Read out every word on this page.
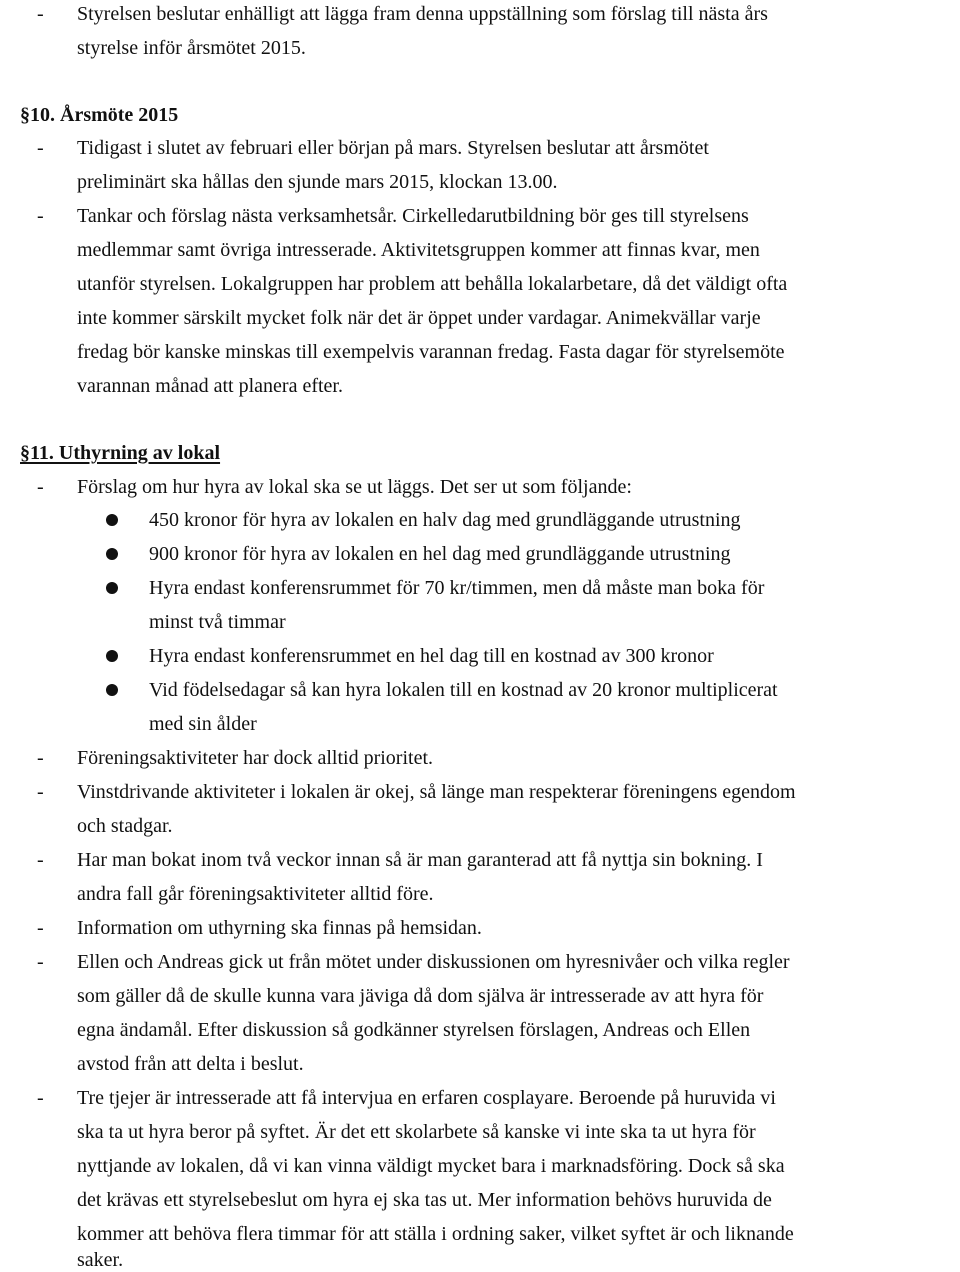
- Styrelsen beslutar enhälligt att lägga fram denna uppställning som förslag till nästa års
styrelse inför årsmötet 2015.
§10. Årsmöte 2015
- Tidigast i slutet av februari eller början på mars. Styrelsen beslutar att årsmötet
preliminärt ska hållas den sjunde mars 2015, klockan 13.00.
- Tankar och förslag nästa verksamhetsår. Cirkelledarutbildning bör ges till styrelsens
medlemmar samt övriga intresserade. Aktivitetsgruppen kommer att finnas kvar, men
utanför styrelsen. Lokalgruppen har problem att behålla lokalarbetare, då det väldigt ofta
inte kommer särskilt mycket folk när det är öppet under vardagar. Animekvällar varje
fredag bör kanske minskas till exempelvis varannan fredag. Fasta dagar för styrelsemöte
varannan månad att planera efter.
§11. Uthyrning av lokal
- Förslag om hur hyra av lokal ska se ut läggs. Det ser ut som följande:
450 kronor för hyra av lokalen en halv dag med grundläggande utrustning
900 kronor för hyra av lokalen en hel dag med grundläggande utrustning
Hyra endast konferensrummet för 70 kr/timmen, men då måste man boka för
minst två timmar
Hyra endast konferensrummet en hel dag till en kostnad av 300 kronor
Vid födelsedagar så kan hyra lokalen till en kostnad av 20 kronor multiplicerat
med sin ålder
- Föreningsaktiviteter har dock alltid prioritet.
- Vinstdrivande aktiviteter i lokalen är okej, så länge man respekterar föreningens egendom
och stadgar.
- Har man bokat inom två veckor innan så är man garanterad att få nyttja sin bokning. I
andra fall går föreningsaktiviteter alltid före.
- Information om uthyrning ska finnas på hemsidan.
- Ellen och Andreas gick ut från mötet under diskussionen om hyresnivåer och vilka regler
som gäller då de skulle kunna vara jäviga då dom själva är intresserade av att hyra för
egna ändamål. Efter diskussion så godkänner styrelsen förslagen, Andreas och Ellen
avstod från att delta i beslut.
- Tre tjejer är intresserade att få intervjua en erfaren cosplayare. Beroende på huruvida vi
ska ta ut hyra beror på syftet. Är det ett skolarbete så kanske vi inte ska ta ut hyra för
nyttjande av lokalen, då vi kan vinna väldigt mycket bara i marknadsföring. Dock så ska
det krävas ett styrelsebeslut om hyra ej ska tas ut. Mer information behövs huruvida de
kommer att behöva flera timmar för att ställa i ordning saker, vilket syftet är och liknande
saker.
